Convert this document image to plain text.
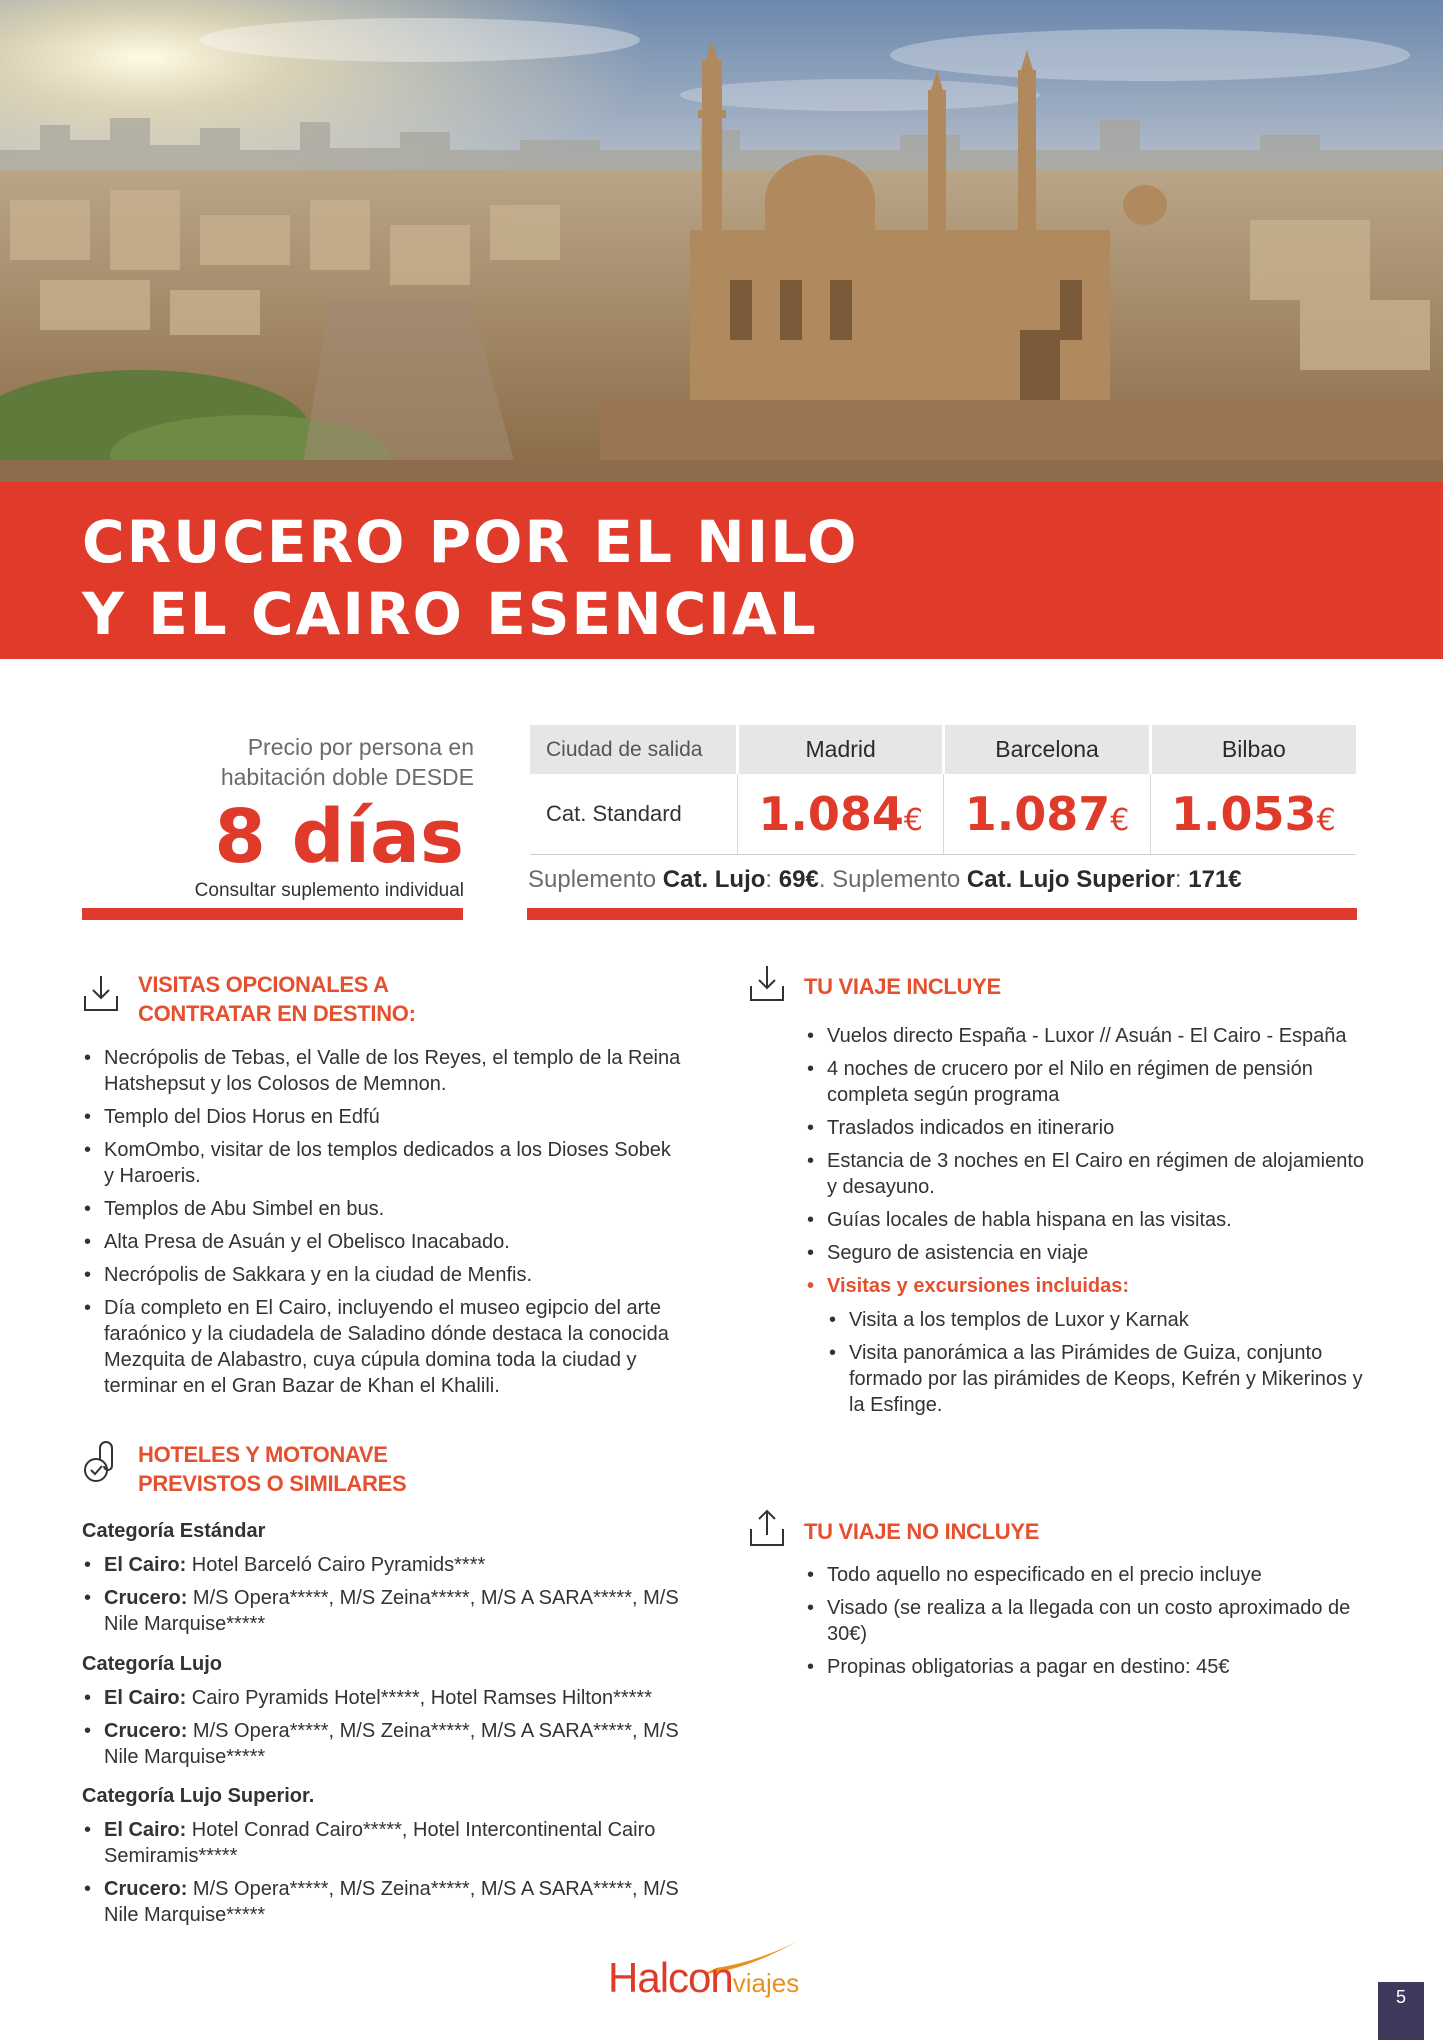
CRUCERO POR EL NILO
Y EL CAIRO ESENCIAL
Precio por persona en
habitación doble DESDE
8 días
Consultar suplemento individual
Ciudad de salida	Madrid	Barcelona	Bilbao
Cat. Standard	1.084€	1.087€	1.053€
Suplemento Cat. Lujo: 69€. Suplemento Cat. Lujo Superior: 171€
VISITAS OPCIONALES A
CONTRATAR EN DESTINO:
• Necrópolis de Tebas, el Valle de los Reyes, el templo de la Reina Hatshepsut y los Colosos de Memnon.
• Templo del Dios Horus en Edfú
• KomOmbo, visitar de los templos dedicados a los Dioses Sobek y Haroeris.
• Templos de Abu Simbel en bus.
• Alta Presa de Asuán y el Obelisco Inacabado.
• Necrópolis de Sakkara y en la ciudad de Menfis.
• Día completo en El Cairo, incluyendo el museo egipcio del arte faraónico y la ciudadela de Saladino dónde destaca la conocida Mezquita de Alabastro, cuya cúpula domina toda la ciudad y terminar en el Gran Bazar de Khan el Khalili.
HOTELES Y MOTONAVE
PREVISTOS O SIMILARES
Categoría Estándar
• El Cairo: Hotel Barceló Cairo Pyramids****
• Crucero: M/S Opera*****, M/S Zeina*****, M/S A SARA*****, M/S Nile Marquise*****
Categoría Lujo
• El Cairo: Cairo Pyramids Hotel*****, Hotel Ramses Hilton*****
• Crucero: M/S Opera*****, M/S Zeina*****, M/S A SARA*****, M/S Nile Marquise*****
Categoría Lujo Superior.
• El Cairo: Hotel Conrad Cairo*****, Hotel Intercontinental Cairo Semiramis*****
• Crucero: M/S Opera*****, M/S Zeina*****, M/S A SARA*****, M/S Nile Marquise*****
TU VIAJE INCLUYE
• Vuelos directo España - Luxor // Asuán - El Cairo - España
• 4 noches de crucero por el Nilo en régimen de pensión completa según programa
• Traslados indicados en itinerario
• Estancia de 3 noches en El Cairo en régimen de alojamiento y desayuno.
• Guías locales de habla hispana en las visitas.
• Seguro de asistencia en viaje
• Visitas y excursiones incluidas:
• Visita a los templos de Luxor y Karnak
• Visita panorámica a las Pirámides de Guiza, conjunto formado por las pirámides de Keops, Kefrén y Mikerinos y la Esfinge.
TU VIAJE NO INCLUYE
• Todo aquello no especificado en el precio incluye
• Visado (se realiza a la llegada con un costo aproximado de 30€)
• Propinas obligatorias a pagar en destino: 45€
Halconviajes	5
